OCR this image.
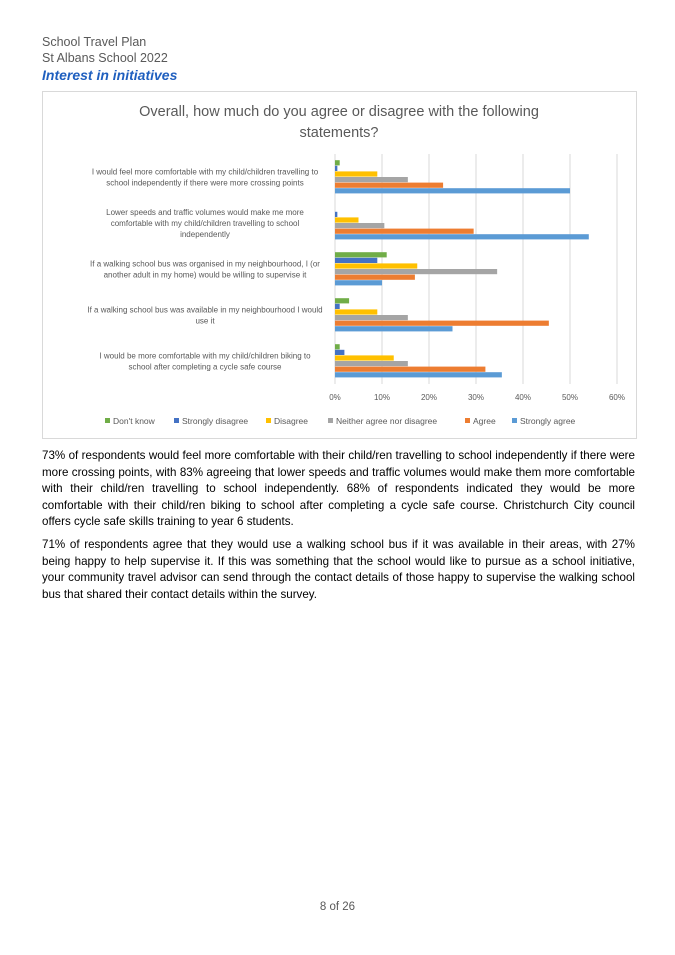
School Travel Plan
St Albans School 2022
Interest in initiatives
Overall, how much do you agree or disagree with the following
statements?
0%	10%	20%	30%	40%	50%	60%
I would feel more comfortable with my child/children travelling to
school independently if there were more crossing points
Lower speeds and traffic volumes would make me more
comfortable with my child/children travelling to school
independently
If a walking school bus was organised in my neighbourhood, I (or
another adult in my home) would be willing to supervise it
If a walking school bus was available in my neighbourhood I would
use it
I would be more comfortable with my child/children biking to
school after completing a cycle safe course
Don't know	Strongly disagree	Disagree	Neither agree nor disagree	Agree	Strongly agree

73% of respondents would feel more comfortable with their child/ren travelling to school independently if there were more crossing points, with 83% agreeing that lower speeds and traffic volumes would make them more comfortable with their child/ren travelling to school independently. 68% of respondents indicated they would be more comfortable with their child/ren biking to school after completing a cycle safe course. Christchurch City council offers cycle safe skills training to year 6 students.

71% of respondents agree that they would use a walking school bus if it was available in their areas, with 27% being happy to help supervise it. If this was something that the school would like to pursue as a school initiative, your community travel advisor can send through the contact details of those happy to supervise the walking school bus that shared their contact details within the survey.

8 of 26
